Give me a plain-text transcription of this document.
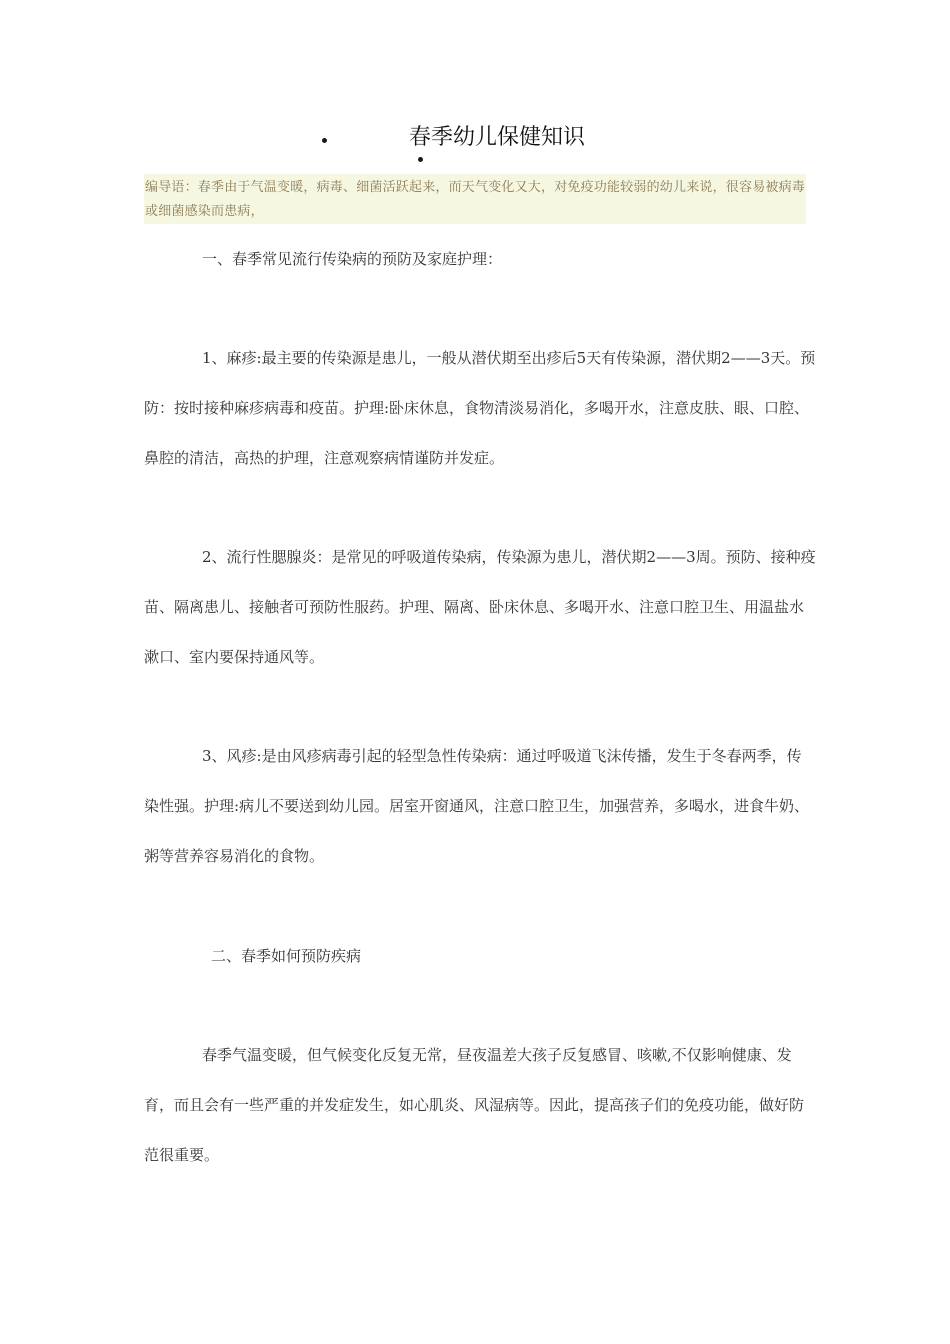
春季幼儿保健知识
编导语：春季由于气温变暖，病毒、细菌活跃起来，而天气变化又大，对免疫功能较弱的幼儿来说，很容易被病毒或细菌感染而患病，
一、春季常见流行传染病的预防及家庭护理：

1、麻疹:最主要的传染源是患儿，一般从潜伏期至出疹后5天有传染源，潜伏期2——3天。预防：按时接种麻疹病毒和疫苗。护理:卧床休息，食物清淡易消化，多喝开水，注意皮肤、眼、口腔、鼻腔的清洁，高热的护理，注意观察病情谨防并发症。

2、流行性腮腺炎：是常见的呼吸道传染病，传染源为患儿，潜伏期2——3周。预防、接种疫苗、隔离患儿、接触者可预防性服药。护理、隔离、卧床休息、多喝开水、注意口腔卫生、用温盐水漱口、室内要保持通风等。

3、风疹:是由风疹病毒引起的轻型急性传染病：通过呼吸道飞沫传播，发生于冬春两季，传染性强。护理:病儿不要送到幼儿园。居室开窗通风，注意口腔卫生，加强营养，多喝水，进食牛奶、粥等营养容易消化的食物。

二、春季如何预防疾病

春季气温变暖，但气候变化反复无常，昼夜温差大孩子反复感冒、咳嗽,不仅影响健康、发育，而且会有一些严重的并发症发生，如心肌炎、风湿病等。因此，提高孩子们的免疫功能，做好防范很重要。
